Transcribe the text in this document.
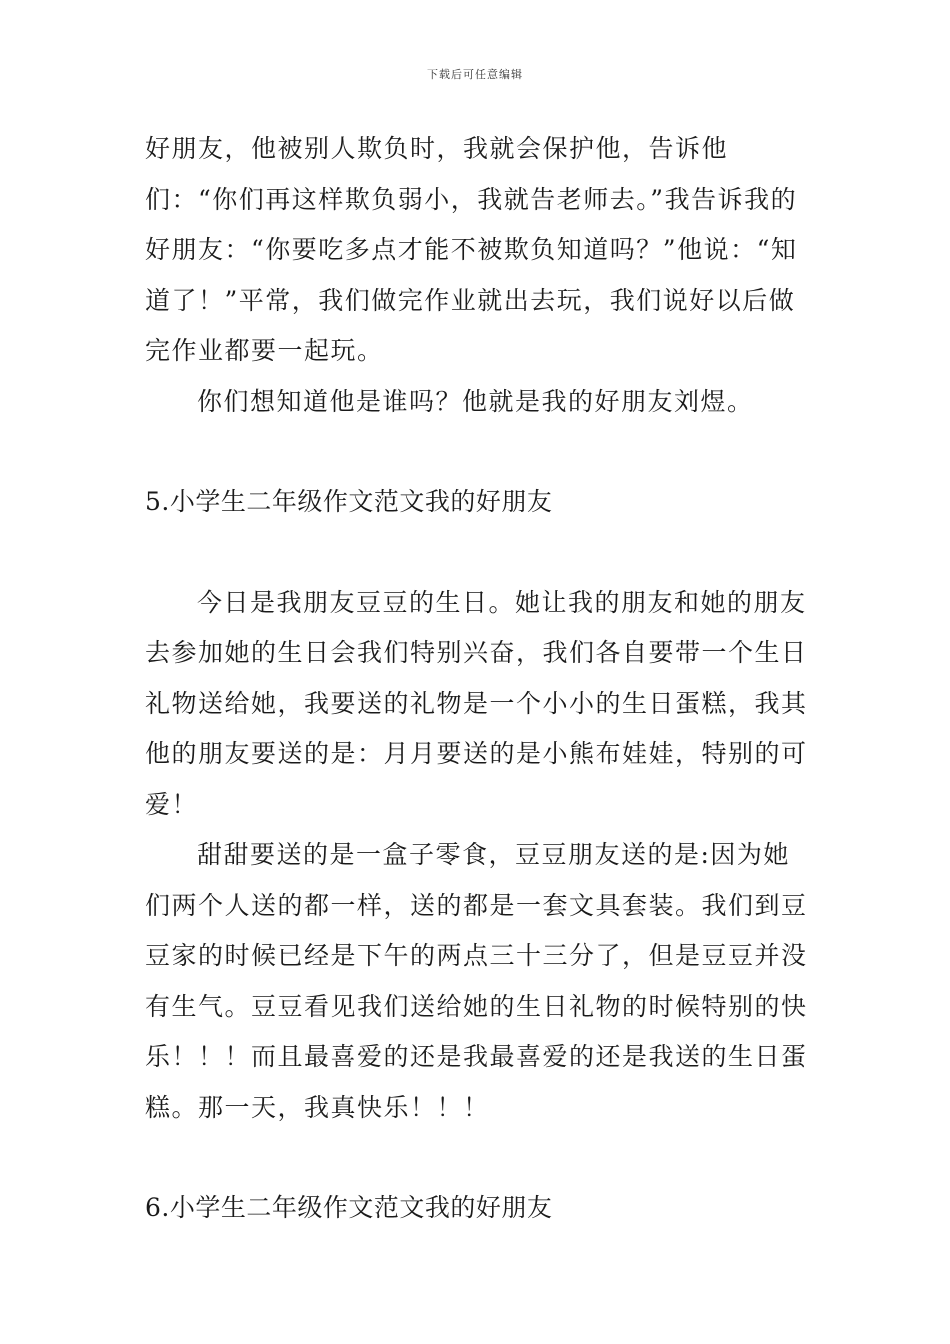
下载后可任意编辑

好朋友，他被别人欺负时，我就会保护他，告诉他们：“你们再这样欺负弱小，我就告老师去。”我告诉我的好朋友：“你要吃多点才能不被欺负知道吗？”他说：“知道了！”平常，我们做完作业就出去玩，我们说好以后做完作业都要一起玩。

你们想知道他是谁吗？他就是我的好朋友刘煜。

5.小学生二年级作文范文我的好朋友

今日是我朋友豆豆的生日。她让我的朋友和她的朋友去参加她的生日会我们特别兴奋，我们各自要带一个生日礼物送给她，我要送的礼物是一个小小的生日蛋糕，我其他的朋友要送的是：月月要送的是小熊布娃娃，特别的可爱！

甜甜要送的是一盒子零食，豆豆朋友送的是:因为她们两个人送的都一样，送的都是一套文具套装。我们到豆豆家的时候已经是下午的两点三十三分了，但是豆豆并没有生气。豆豆看见我们送给她的生日礼物的时候特别的快乐！！！而且最喜爱的还是我最喜爱的还是我送的生日蛋糕。那一天，我真快乐！！！

6.小学生二年级作文范文我的好朋友
